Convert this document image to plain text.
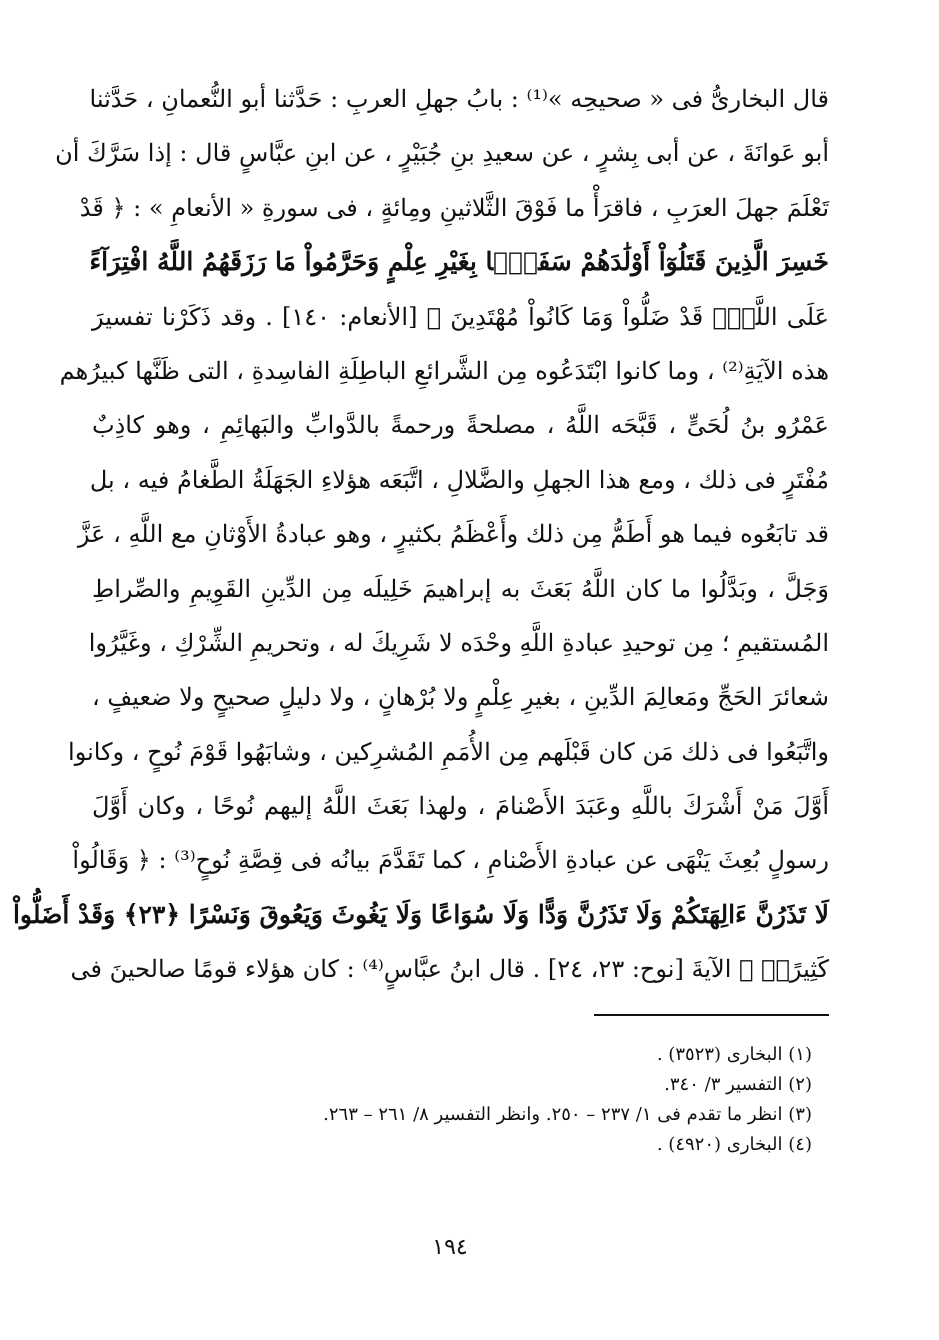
قال البخارىُّ فى « صحيحِه »⁽¹⁾ : بابُ جهلِ العربِ : حَدَّثنا أبو النُّعمانِ ، حَدَّثنا
أبو عَوانَةَ ، عن أبى بِشرٍ ، عن سعيدِ بنِ جُبَيْرٍ ، عن ابنِ عبَّاسٍ قال : إذا سَرَّكَ أن
تَعْلَمَ جهلَ العرَبِ ، فاقرَأْ ما فَوْقَ الثَّلاثينِ ومِائةٍ ، فى سورةِ « الأنعامِ » : ﴿ قَدْ
خَسِرَ الَّذِينَ قَتَلُوٓاْ أَوْلَٰدَهُمْ سَفَهَۢا بِغَيْرِ عِلْمٍ وَحَرَّمُواْ مَا رَزَقَهُمُ اللَّهُ افْتِرَآءً
عَلَى اللَّهِۚ قَدْ ضَلُّواْ وَمَا كَانُواْ مُهْتَدِينَ ﴾ [الأنعام: ١٤٠] . وقد ذَكَرْنا تفسيرَ
هذه الآيَةِ⁽²⁾ ، وما كانوا ابْتَدَعُوه مِن الشَّرائعِ الباطِلَةِ الفاسِدةِ ، التى ظَنَّها كبيرُهم
عَمْرُو بنُ لُحَىٍّ ، قَبَّحَه اللَّهُ ، مصلحةً ورحمةً بالدَّوابِّ والبَهائِمِ ، وهو كاذِبٌ
مُفْتَرٍ فى ذلك ، ومع هذا الجهلِ والضَّلالِ ، اتَّبَعَه هؤلاءِ الجَهَلَةُ الطَّغامُ فيه ، بل
قد تابَعُوه فيما هو أَطَمُّ مِن ذلك وأَعْظَمُ بكثيرٍ ، وهو عبادةُ الأَوْثانِ مع اللَّهِ ، عَزَّ
وَجَلَّ ، وبَدَّلُوا ما كان اللَّهُ بَعَثَ به إبراهيمَ خَلِيلَه مِن الدِّينِ القَوِيمِ والصِّراطِ
المُستقيمِ ؛ مِن توحيدِ عبادةِ اللَّهِ وحْدَه لا شَرِيكَ له ، وتحريمِ الشِّرْكِ ، وغَيَّرُوا
شعائرَ الحَجِّ ومَعالِمَ الدِّينِ ، بغيرِ عِلْمٍ ولا بُرْهانٍ ، ولا دليلٍ صحيحٍ ولا ضعيفٍ ،
واتَّبَعُوا فى ذلك مَن كان قَبْلَهم مِن الأُمَمِ المُشرِكين ، وشابَهُوا قَوْمَ نُوحٍ ، وكانوا
أَوَّلَ مَنْ أَشْرَكَ باللَّهِ وعَبَدَ الأَصْنامَ ، ولهذا بَعَثَ اللَّهُ إليهم نُوحًا ، وكان أَوَّلَ
رسولٍ بُعِثَ يَنْهَى عن عبادةِ الأَصْنامِ ، كما تَقَدَّمَ بيانُه فى قِصَّةِ نُوحٍ⁽³⁾ : ﴿ وَقَالُواْ
لَا تَذَرُنَّ ءَالِهَتَكُمْ وَلَا تَذَرُنَّ وَدًّا وَلَا سُوَاعًا وَلَا يَغُوثَ وَيَعُوقَ وَنَسْرًا ﴿٢٣﴾ وَقَدْ أَضَلُّواْ
كَثِيرًاۖ ﴾ الآيةَ [نوح: ٢٣، ٢٤] . قال ابنُ عبَّاسٍ⁽⁴⁾ : كان هؤلاء قومًا صالحينَ فى
(١) البخارى (٣٥٢٣) .
(٢) التفسير ٣/ ٣٤٠.
(٣) انظر ما تقدم فى ١/ ٢٣٧ – ٢٥٠. وانظر التفسير ٨/ ٢٦١ – ٢٦٣.
(٤) البخارى (٤٩٢٠) .
١٩٤
